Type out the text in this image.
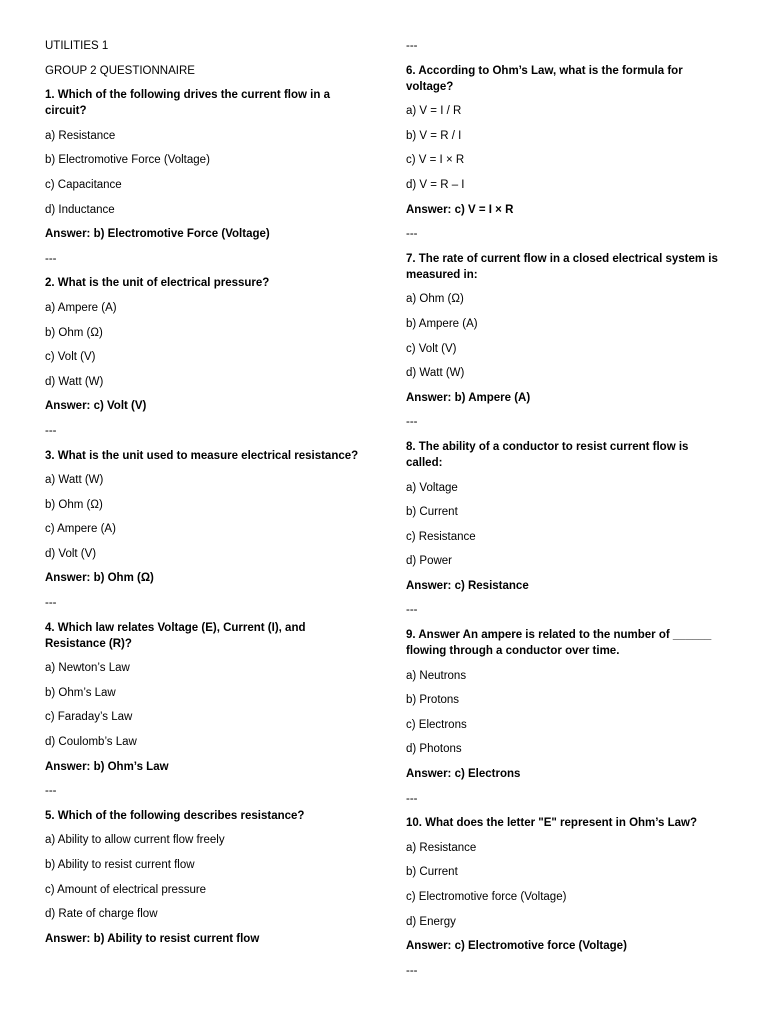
UTILITIES 1
GROUP 2 QUESTIONNAIRE
1. Which of the following drives the current flow in a circuit?
a) Resistance
b) Electromotive Force (Voltage)
c) Capacitance
d) Inductance
Answer: b) Electromotive Force (Voltage)
---
2. What is the unit of electrical pressure?
a) Ampere (A)
b) Ohm (Ω)
c) Volt (V)
d) Watt (W)
Answer: c) Volt (V)
---
3. What is the unit used to measure electrical resistance?
a) Watt (W)
b) Ohm (Ω)
c) Ampere (A)
d) Volt (V)
Answer: b) Ohm (Ω)
---
4. Which law relates Voltage (E), Current (I), and Resistance (R)?
a) Newton’s Law
b) Ohm’s Law
c) Faraday’s Law
d) Coulomb’s Law
Answer: b) Ohm’s Law
---
5. Which of the following describes resistance?
a) Ability to allow current flow freely
b) Ability to resist current flow
c) Amount of electrical pressure
d) Rate of charge flow
Answer: b) Ability to resist current flow
---
6. According to Ohm’s Law, what is the formula for voltage?
a) V = I / R
b) V = R / I
c) V = I × R
d) V = R – I
Answer: c) V = I × R
---
7. The rate of current flow in a closed electrical system is measured in:
a) Ohm (Ω)
b) Ampere (A)
c) Volt (V)
d) Watt (W)
Answer: b) Ampere (A)
---
8. The ability of a conductor to resist current flow is called:
a) Voltage
b) Current
c) Resistance
d) Power
Answer: c) Resistance
---
9. Answer An ampere is related to the number of ______ flowing through a conductor over time.
a) Neutrons
b) Protons
c) Electrons
d) Photons
Answer: c) Electrons
---
10. What does the letter "E" represent in Ohm’s Law?
a) Resistance
b) Current
c) Electromotive force (Voltage)
d) Energy
Answer: c) Electromotive force (Voltage)
---
